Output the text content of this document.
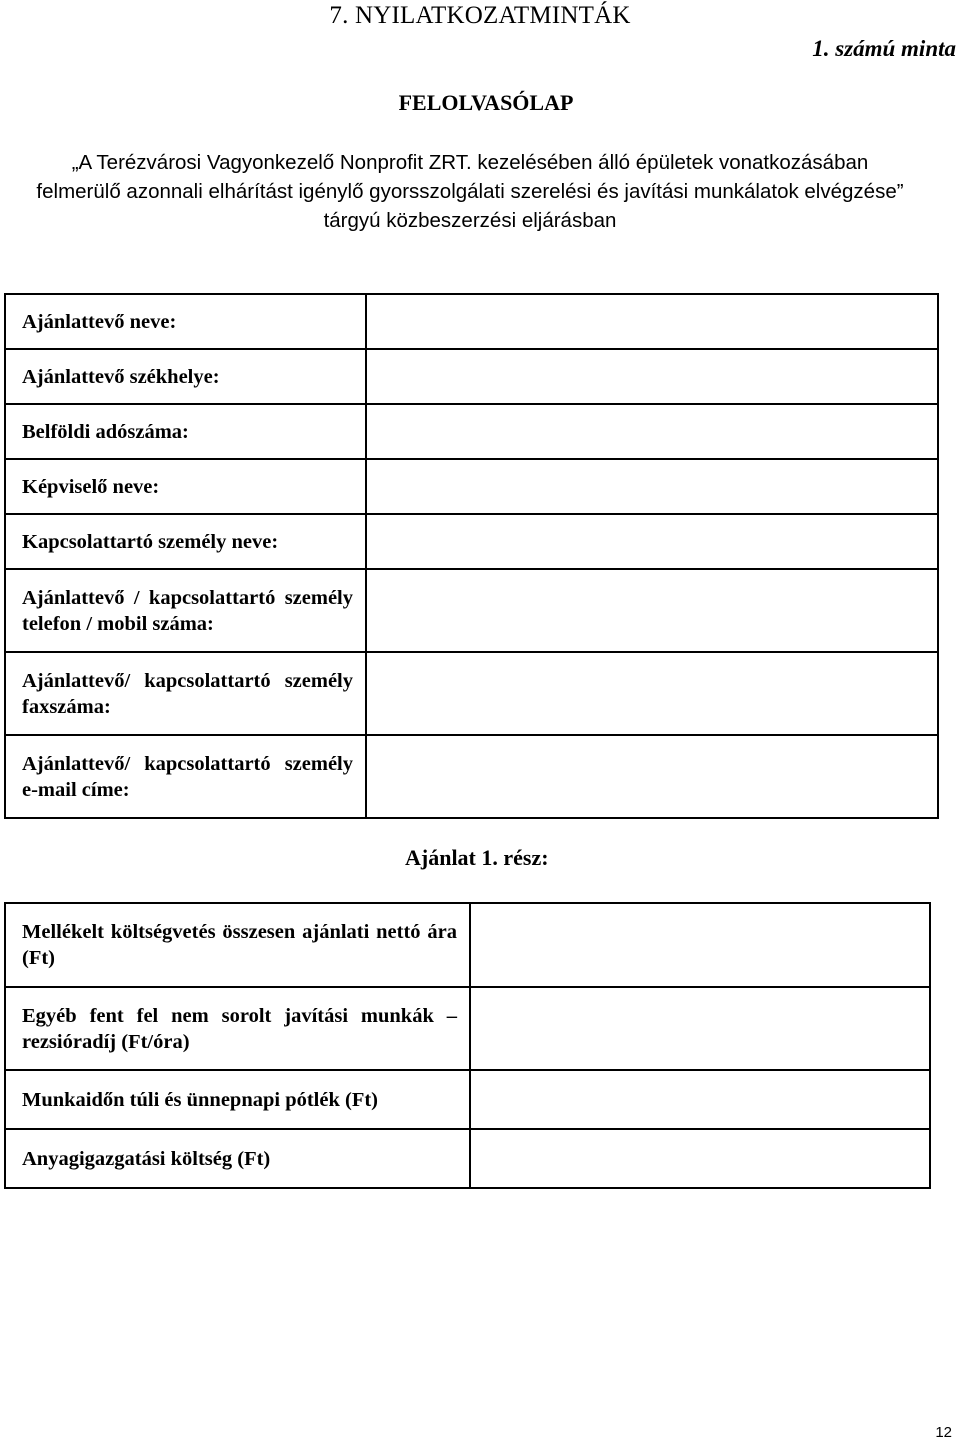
7. NYILATKOZATMINTÁK
1. számú minta
FELOLVASÓLAP
„A Terézvárosi Vagyonkezelő Nonprofit ZRT. kezelésében álló épületek vonatkozásában felmerülő azonnali elhárítást igénylő gyorsszolgálati szerelési és javítási munkálatok elvégzése” tárgyú közbeszerzési eljárásban
Ajánlattevő neve:	
Ajánlattevő székhelye:	
Belföldi adószáma:	
Képviselő neve:	
Kapcsolattartó személy neve:	
Ajánlattevő / kapcsolattartó személy telefon / mobil száma:	
Ajánlattevő/ kapcsolattartó személy faxszáma:	
Ajánlattevő/ kapcsolattartó személy e-mail címe:	
Ajánlat 1. rész:
Mellékelt költségvetés összesen ajánlati nettó ára (Ft)	
Egyéb fent fel nem sorolt javítási munkák – rezsióradíj (Ft/óra)	
Munkaidőn túli és ünnepnapi pótlék (Ft)	
Anyagigazgatási költség (Ft)	
12
